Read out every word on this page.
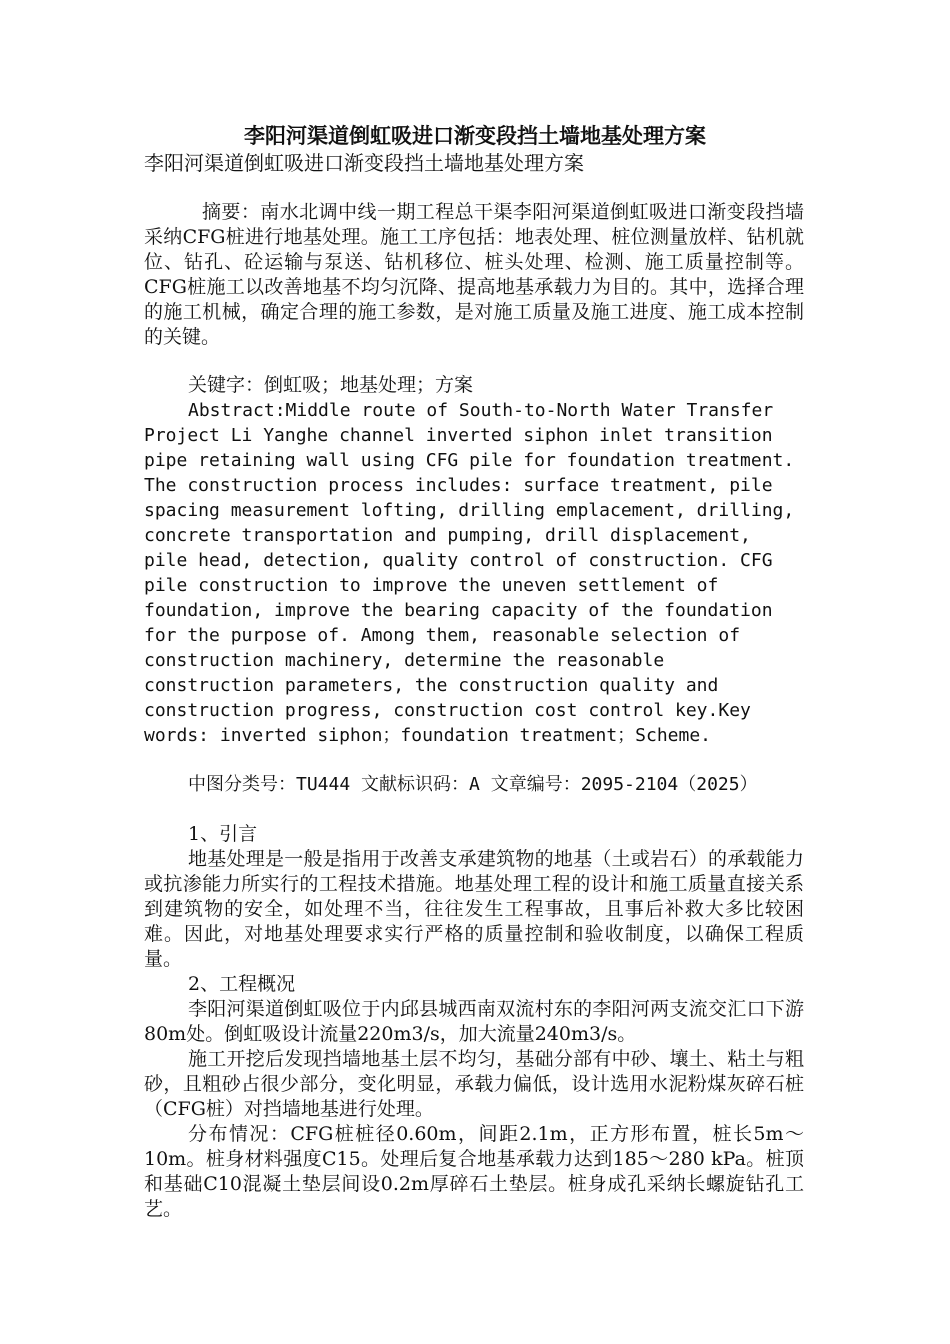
李阳河渠道倒虹吸进口渐变段挡土墙地基处理方案
李阳河渠道倒虹吸进口渐变段挡土墙地基处理方案

摘要：南水北调中线一期工程总干渠李阳河渠道倒虹吸进口渐变段挡墙采纳CFG桩进行地基处理。施工工序包括：地表处理、桩位测量放样、钻机就位、钻孔、砼运输与泵送、钻机移位、桩头处理、检测、施工质量控制等。CFG桩施工以改善地基不均匀沉降、提高地基承载力为目的。其中，选择合理的施工机械，确定合理的施工参数，是对施工质量及施工进度、施工成本控制的关键。

关键字：倒虹吸；地基处理；方案

Abstract:Middle route of South-to-North Water Transfer Project Li Yanghe channel inverted siphon inlet transition pipe retaining wall using CFG pile for foundation treatment. The construction process includes: surface treatment, pile spacing measurement lofting, drilling emplacement, drilling, concrete transportation and pumping, drill displacement, pile head, detection, quality control of construction. CFG pile construction to improve the uneven settlement of foundation, improve the bearing capacity of the foundation for the purpose of. Among them, reasonable selection of construction machinery, determine the reasonable construction parameters, the construction quality and construction progress, construction cost control key.Key words: inverted siphon；foundation treatment；Scheme.

中图分类号：TU444 文献标识码：A 文章编号：2095-2104（2025）

1、引言

地基处理是一般是指用于改善支承建筑物的地基（土或岩石）的承载能力或抗渗能力所实行的工程技术措施。地基处理工程的设计和施工质量直接关系到建筑物的安全，如处理不当，往往发生工程事故，且事后补救大多比较困难。因此，对地基处理要求实行严格的质量控制和验收制度，以确保工程质量。

2、工程概况

李阳河渠道倒虹吸位于内邱县城西南双流村东的李阳河两支流交汇口下游80m处。倒虹吸设计流量220m3/s，加大流量240m3/s。

施工开挖后发现挡墙地基土层不均匀，基础分部有中砂、壤土、粘土与粗砂，且粗砂占很少部分，变化明显，承载力偏低，设计选用水泥粉煤灰碎石桩（CFG桩）对挡墙地基进行处理。

分布情况：CFG桩桩径0.60m，间距2.1m，正方形布置，桩长5m～10m。桩身材料强度C15。处理后复合地基承载力达到185～280 kPa。桩顶和基础C10混凝土垫层间设0.2m厚碎石土垫层。桩身成孔采纳长螺旋钻孔工艺。
